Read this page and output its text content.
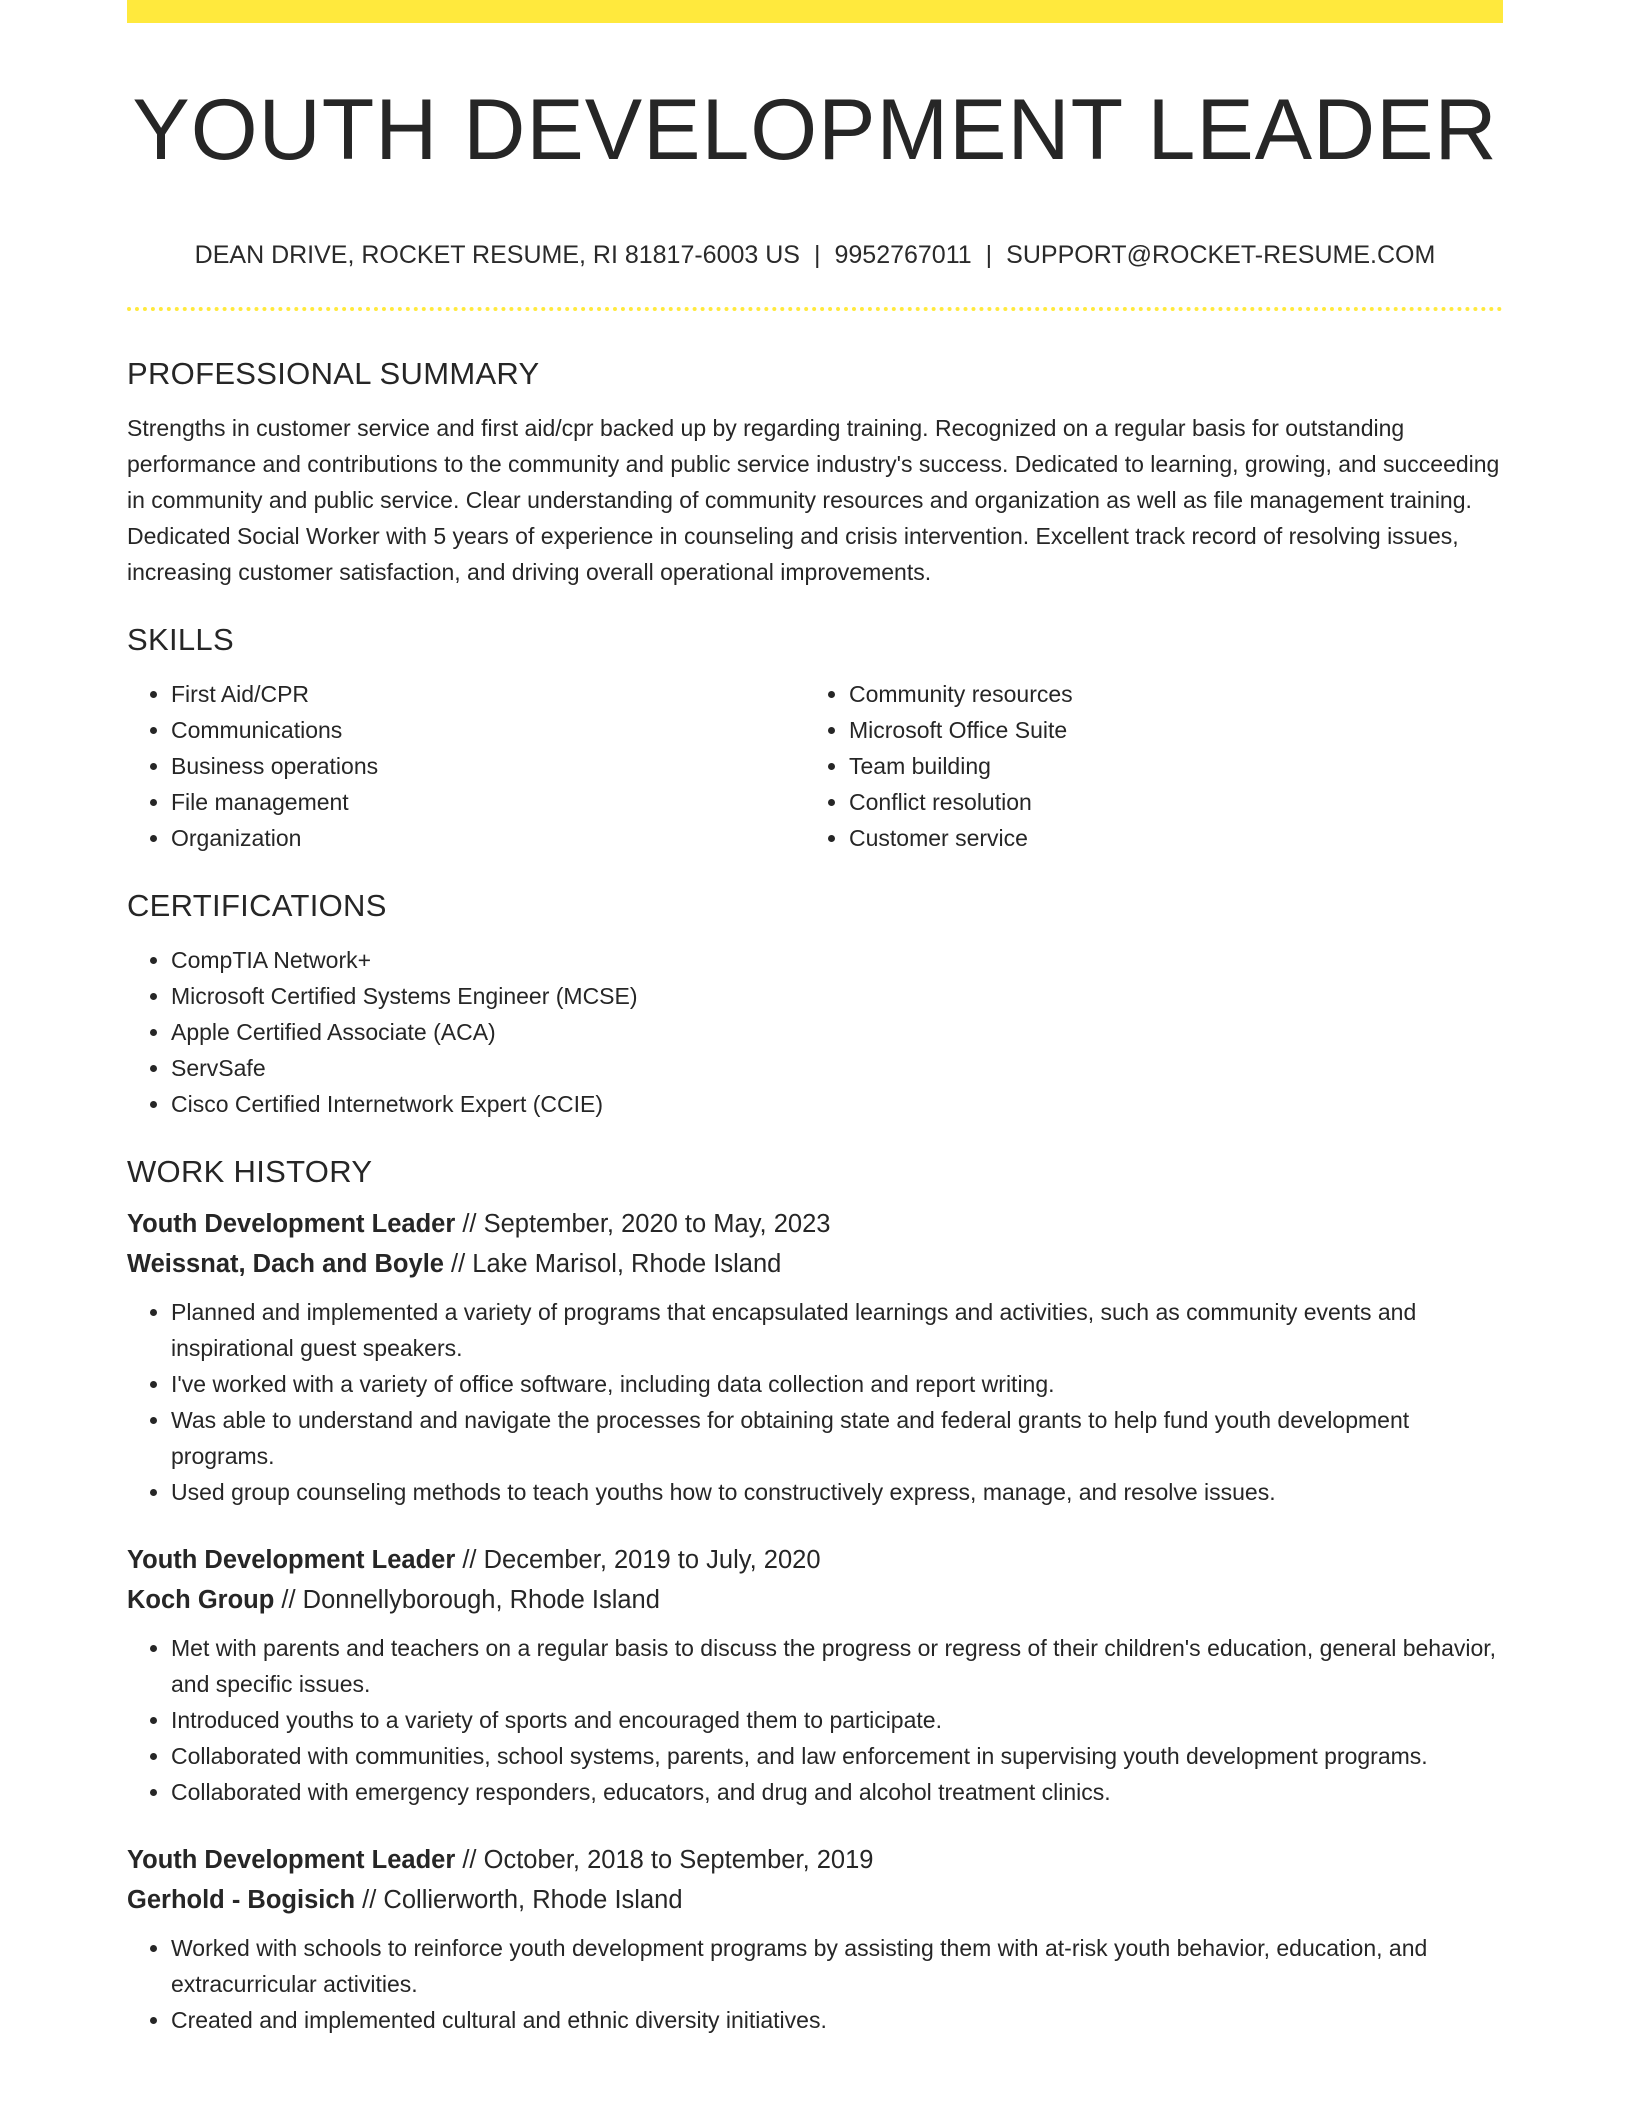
YOUTH DEVELOPMENT LEADER
DEAN DRIVE, ROCKET RESUME, RI 81817-6003 US | 9952767011 | SUPPORT@ROCKET-RESUME.COM
PROFESSIONAL SUMMARY

Strengths in customer service and first aid/cpr backed up by regarding training. Recognized on a regular basis for outstanding performance and contributions to the community and public service industry's success. Dedicated to learning, growing, and succeeding in community and public service. Clear understanding of community resources and organization as well as file management training. Dedicated Social Worker with 5 years of experience in counseling and crisis intervention. Excellent track record of resolving issues, increasing customer satisfaction, and driving overall operational improvements.

SKILLS
• First Aid/CPR
• Communications
• Business operations
• File management
• Organization
• Community resources
• Microsoft Office Suite
• Team building
• Conflict resolution
• Customer service
CERTIFICATIONS
• CompTIA Network+
• Microsoft Certified Systems Engineer (MCSE)
• Apple Certified Associate (ACA)
• ServSafe
• Cisco Certified Internetwork Expert (CCIE)
WORK HISTORY
Youth Development Leader // September, 2020 to May, 2023
Weissnat, Dach and Boyle // Lake Marisol, Rhode Island
• Planned and implemented a variety of programs that encapsulated learnings and activities, such as community events and inspirational guest speakers.
• I've worked with a variety of office software, including data collection and report writing.
• Was able to understand and navigate the processes for obtaining state and federal grants to help fund youth development programs.
• Used group counseling methods to teach youths how to constructively express, manage, and resolve issues.
Youth Development Leader // December, 2019 to July, 2020
Koch Group // Donnellyborough, Rhode Island
• Met with parents and teachers on a regular basis to discuss the progress or regress of their children's education, general behavior, and specific issues.
• Introduced youths to a variety of sports and encouraged them to participate.
• Collaborated with communities, school systems, parents, and law enforcement in supervising youth development programs.
• Collaborated with emergency responders, educators, and drug and alcohol treatment clinics.
Youth Development Leader // October, 2018 to September, 2019
Gerhold - Bogisich // Collierworth, Rhode Island
• Worked with schools to reinforce youth development programs by assisting them with at-risk youth behavior, education, and extracurricular activities.
• Created and implemented cultural and ethnic diversity initiatives.
